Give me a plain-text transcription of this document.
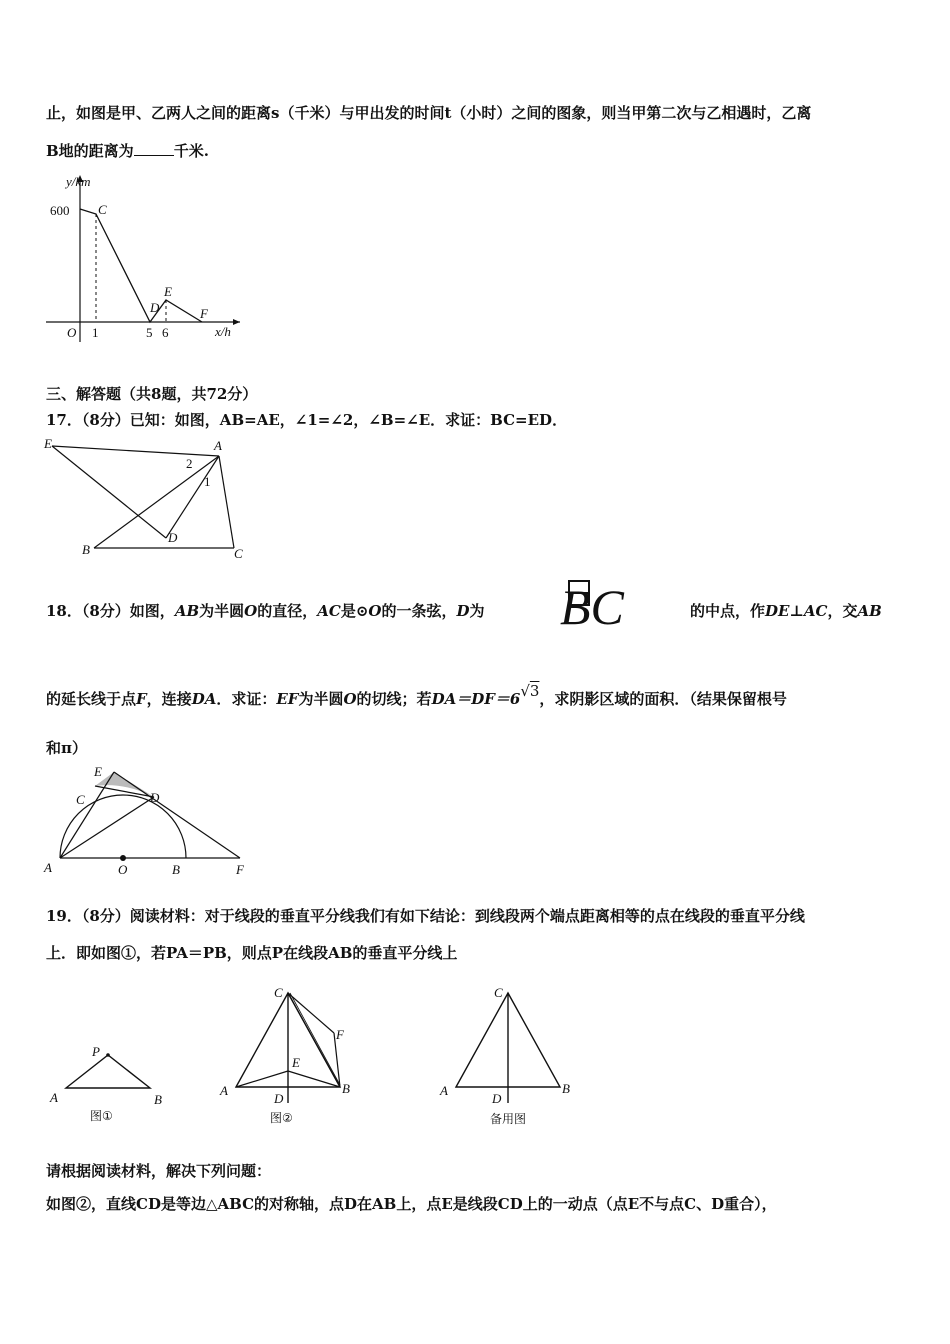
止，如图是甲、乙两人之间的距离s（千米）与甲出发的时间t（小时）之间的图象，则当甲第二次与乙相遇时，乙离
B地的距离为	千米.
y/km
x/h
O
600
1	5 6
C
D
E
F
三、解答题（共8题，共72分）
17．（8分）已知：如图，AB=AE，∠1=∠2，∠B=∠E．求证：BC=ED．
E	A
2
1
B
D
C
18．（8分）如图，AB为半圆O的直径，AC是⊙O的一条弦，D为 BC	的中点，作DE⊥AC，交AB
的延长线于点F，连接DA．求证：EF为半圆O的切线；若DA＝DF＝6√3，求阴影区域的面积．（结果保留根号
和π）
E
C	D
A	O	B	F
19．（8分）阅读材料：对于线段的垂直平分线我们有如下结论：到线段两个端点距离相等的点在线段的垂直平分线
上．即如图①，若PA＝PB，则点P在线段AB的垂直平分线上
P
A	B
图①
C
F
E
A
D
B
图②
C
A
D
B
备用图
请根据阅读材料，解决下列问题：
如图②，直线CD是等边△ABC的对称轴，点D在AB上，点E是线段CD上的一动点（点E不与点C、D重合），
